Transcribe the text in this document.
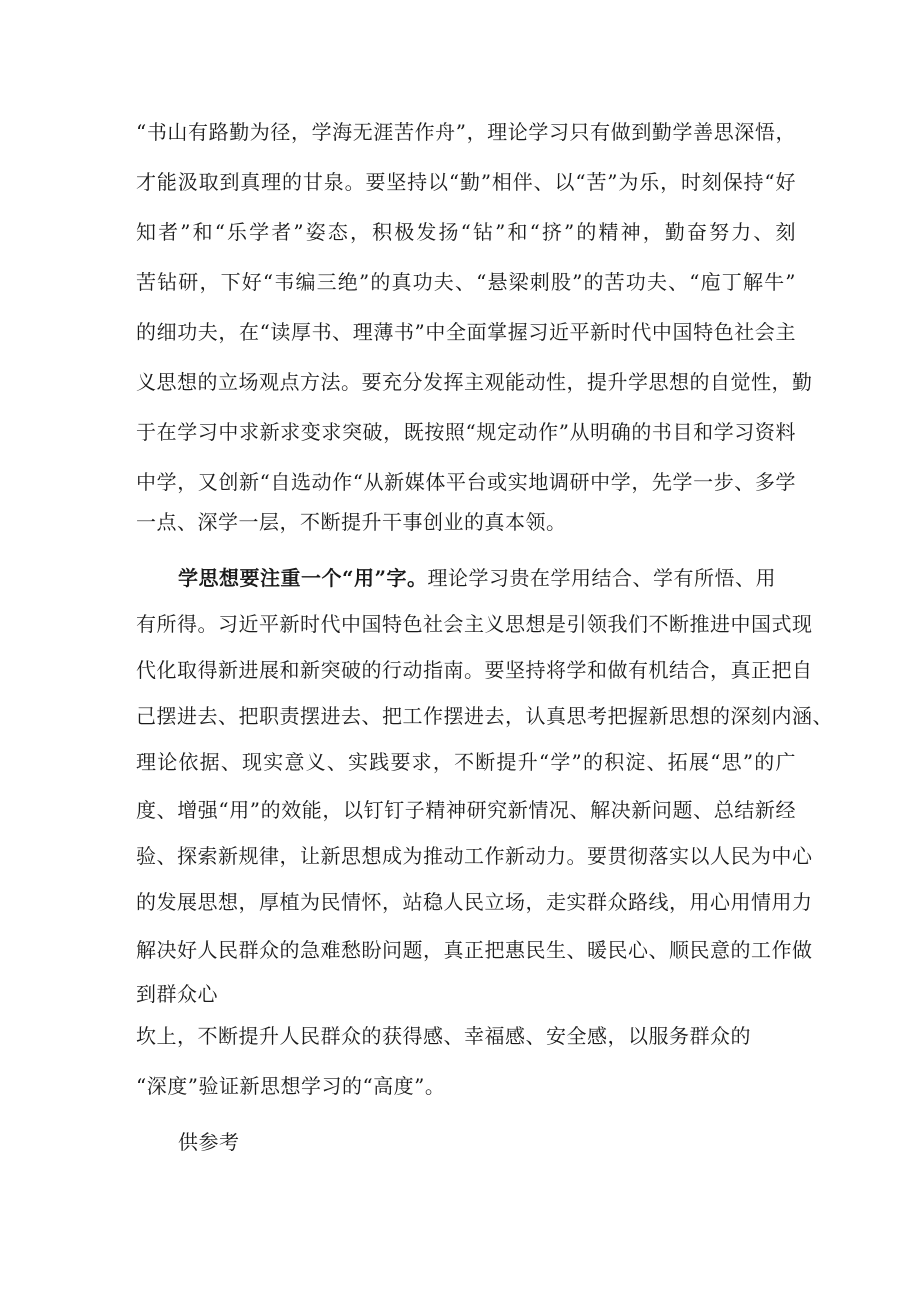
“书山有路勤为径，学海无涯苦作舟”，理论学习只有做到勤学善思深悟，
才能汲取到真理的甘泉。要坚持以“勤”相伴、以“苦”为乐，时刻保持“好
知者”和“乐学者”姿态，积极发扬“钻”和“挤”的精神，勤奋努力、刻
苦钻研，下好“韦编三绝”的真功夫、“悬梁刺股”的苦功夫、“庖丁解牛”
的细功夫，在“读厚书、理薄书”中全面掌握习近平新时代中国特色社会主
义思想的立场观点方法。要充分发挥主观能动性，提升学思想的自觉性，勤
于在学习中求新求变求突破，既按照“规定动作”从明确的书目和学习资料
中学，又创新“自选动作“从新媒体平台或实地调研中学，先学一步、多学
一点、深学一层，不断提升干事创业的真本领。
学思想要注重一个“用”字。理论学习贵在学用结合、学有所悟、用
有所得。习近平新时代中国特色社会主义思想是引领我们不断推进中国式现
代化取得新进展和新突破的行动指南。要坚持将学和做有机结合，真正把自
己摆进去、把职责摆进去、把工作摆进去，认真思考把握新思想的深刻内涵、
理论依据、现实意义、实践要求，不断提升“学”的积淀、拓展“思”的广
度、增强“用”的效能，以钉钉子精神研究新情况、解决新问题、总结新经
验、探索新规律，让新思想成为推动工作新动力。要贯彻落实以人民为中心
的发展思想，厚植为民情怀，站稳人民立场，走实群众路线，用心用情用力
解决好人民群众的急难愁盼问题，真正把惠民生、暖民心、顺民意的工作做
到群众心
坎上，不断提升人民群众的获得感、幸福感、安全感，以服务群众的
“深度”验证新思想学习的“高度”。
供参考
